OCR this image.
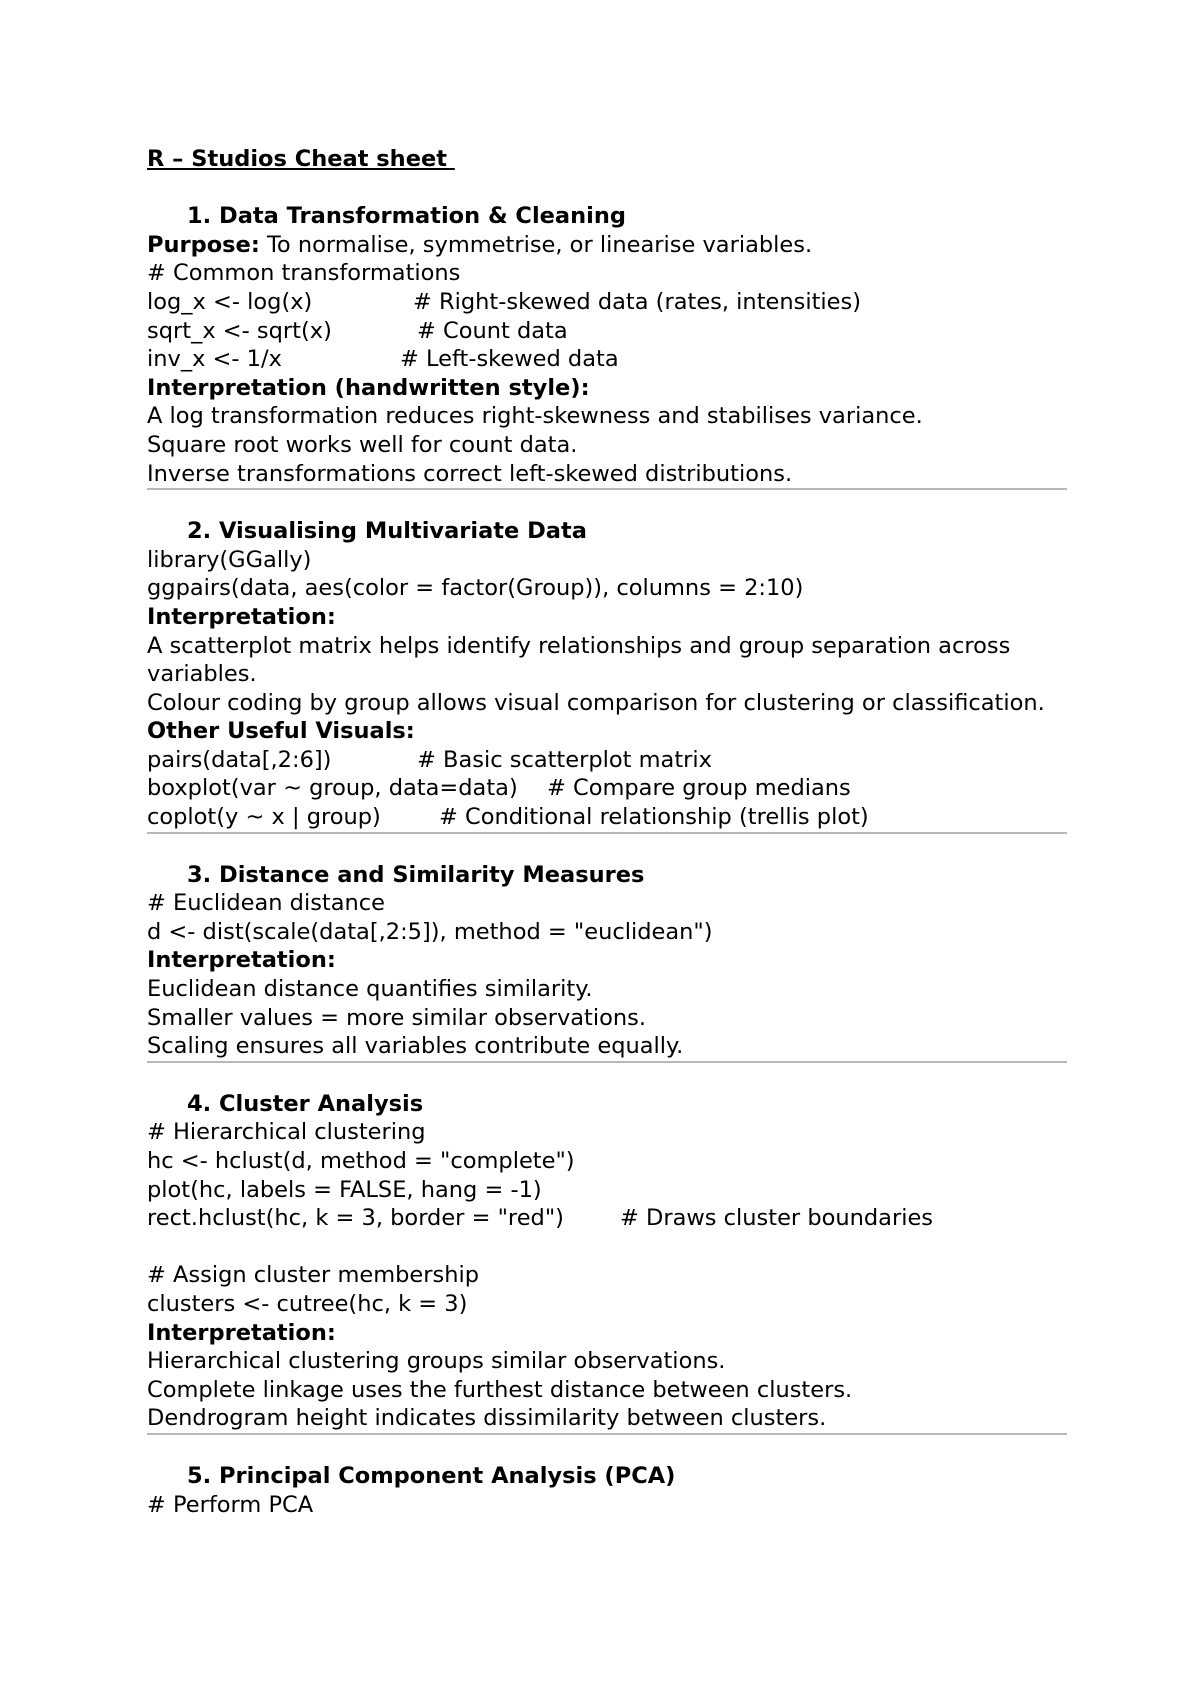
R – Studios Cheat sheet

1. Data Transformation & Cleaning

Purpose: To normalise, symmetrise, or linearise variables.

# Common transformations

log_x <- log(x)	# Right-skewed data (rates, intensities)

sqrt_x <- sqrt(x)	# Count data

inv_x <- 1/x	# Left-skewed data

Interpretation (handwritten style):

A log transformation reduces right-skewness and stabilises variance.

Square root works well for count data.

Inverse transformations correct left-skewed distributions.

2. Visualising Multivariate Data

library(GGally)

ggpairs(data, aes(color = factor(Group)), columns = 2:10)

Interpretation:

A scatterplot matrix helps identify relationships and group separation across variables.

Colour coding by group allows visual comparison for clustering or classification.

Other Useful Visuals:

pairs(data[,2:6])	# Basic scatterplot matrix

boxplot(var ~ group, data=data) # Compare group medians

coplot(y ~ x | group)	# Conditional relationship (trellis plot)

3. Distance and Similarity Measures

# Euclidean distance

d <- dist(scale(data[,2:5]), method = "euclidean")

Interpretation:

Euclidean distance quantifies similarity.

Smaller values = more similar observations.

Scaling ensures all variables contribute equally.

4. Cluster Analysis

# Hierarchical clustering

hc <- hclust(d, method = "complete")

plot(hc, labels = FALSE, hang = -1)

rect.hclust(hc, k = 3, border = "red") # Draws cluster boundaries

# Assign cluster membership

clusters <- cutree(hc, k = 3)

Interpretation:

Hierarchical clustering groups similar observations.

Complete linkage uses the furthest distance between clusters.

Dendrogram height indicates dissimilarity between clusters.

5. Principal Component Analysis (PCA)

# Perform PCA
